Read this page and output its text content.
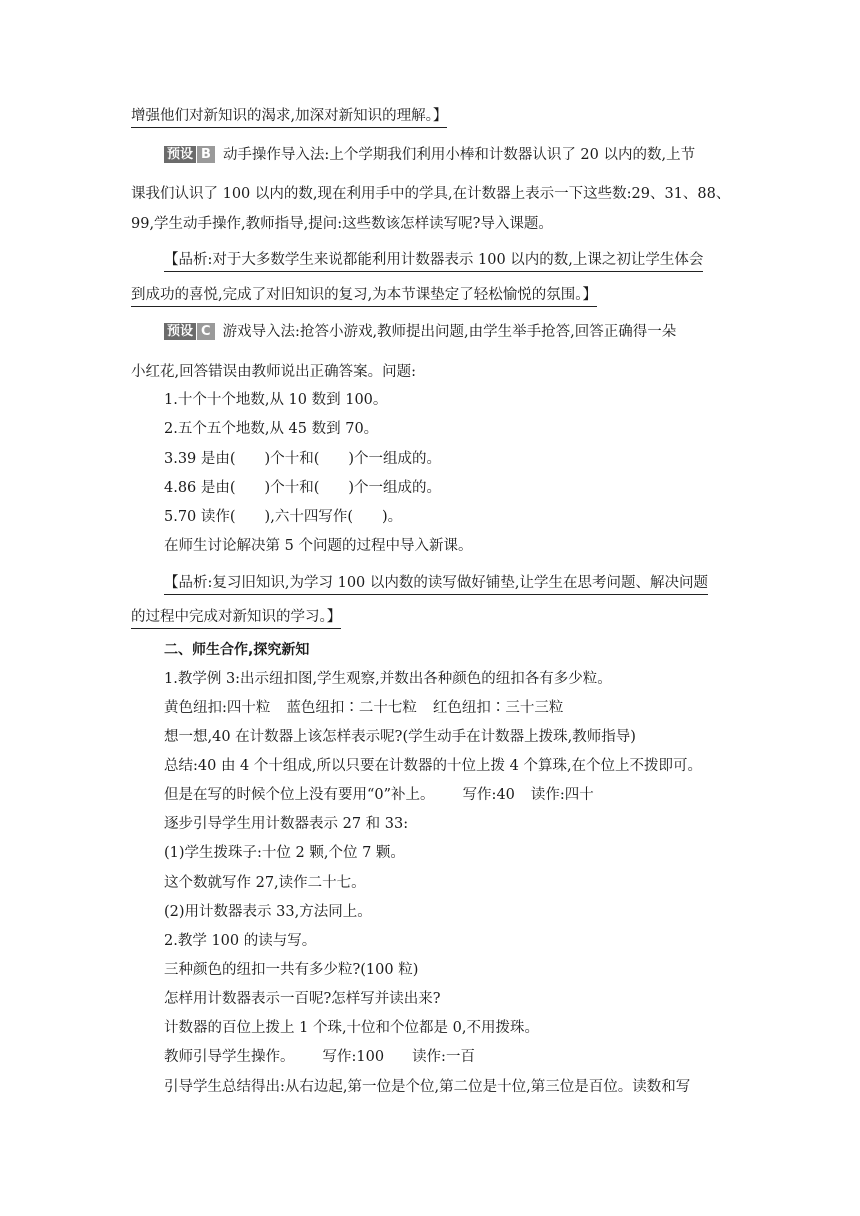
增强他们对新知识的渴求,加深对新知识的理解。】
预设 B 动手操作导入法:上个学期我们利用小棒和计数器认识了 20 以内的数,上节
课我们认识了 100 以内的数,现在利用手中的学具,在计数器上表示一下这些数:29、31、88、
99,学生动手操作,教师指导,提问:这些数该怎样读写呢?导入课题。
【品析:对于大多数学生来说都能利用计数器表示 100 以内的数,上课之初让学生体会
到成功的喜悦,完成了对旧知识的复习,为本节课垫定了轻松愉悦的氛围。】
预设 C 游戏导入法:抢答小游戏,教师提出问题,由学生举手抢答,回答正确得一朵
小红花,回答错误由教师说出正确答案。问题:
1.十个十个地数,从 10 数到 100。
2.五个五个地数,从 45 数到 70。
3.39 是由(　　)个十和(　　)个一组成的。
4.86 是由(　　)个十和(　　)个一组成的。
5.70 读作(　　),六十四写作(　　)。
在师生讨论解决第 5 个问题的过程中导入新课。
【品析:复习旧知识,为学习 100 以内数的读写做好铺垫,让学生在思考问题、解决问题
的过程中完成对新知识的学习。】
二、师生合作,探究新知
1.教学例 3:出示纽扣图,学生观察,并数出各种颜色的纽扣各有多少粒。
黄色纽扣:四十粒 蓝色纽扣∶二十七粒 红色纽扣∶三十三粒
想一想,40 在计数器上该怎样表示呢?(学生动手在计数器上拨珠,教师指导)
总结:40 由 4 个十组成,所以只要在计数器的十位上拨 4 个算珠,在个位上不拨即可。
但是在写的时候个位上没有要用“0”补上。 写作:40 读作:四十
逐步引导学生用计数器表示 27 和 33:
(1)学生拨珠子:十位 2 颗,个位 7 颗。
这个数就写作 27,读作二十七。
(2)用计数器表示 33,方法同上。
2.教学 100 的读与写。
三种颜色的纽扣一共有多少粒?(100 粒)
怎样用计数器表示一百呢?怎样写并读出来?
计数器的百位上拨上 1 个珠,十位和个位都是 0,不用拨珠。
教师引导学生操作。 写作:100 读作:一百
引导学生总结得出:从右边起,第一位是个位,第二位是十位,第三位是百位。读数和写
